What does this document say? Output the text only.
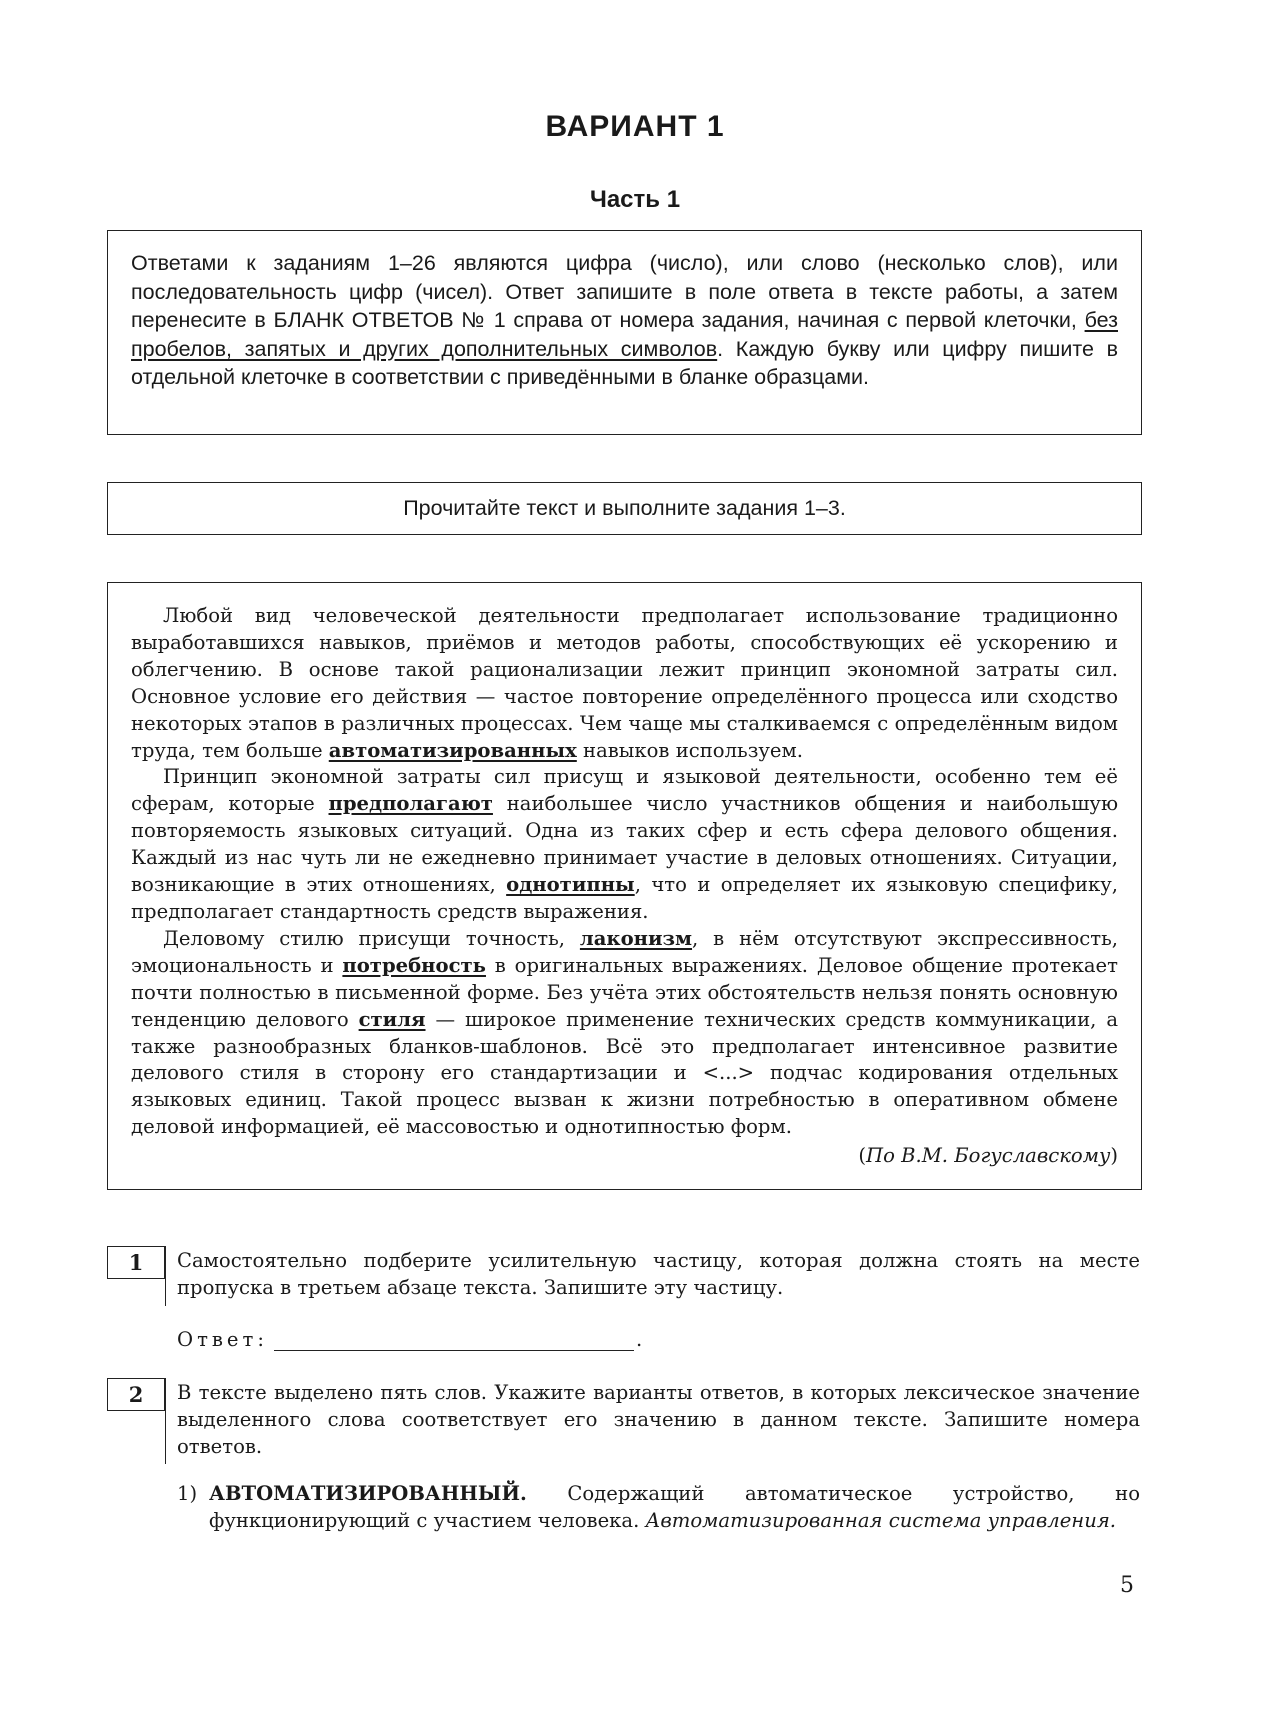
ВАРИАНТ 1
Часть 1

Ответами к заданиям 1–26 являются цифра (число), или слово (несколько слов), или последовательность цифр (чисел). Ответ запишите в поле ответа в тексте работы, а затем перенесите в БЛАНК ОТВЕТОВ № 1 справа от номера задания, начиная с первой клеточки, без пробелов, запятых и других дополнительных символов. Каждую букву или цифру пишите в отдельной клеточке в соответствии с приведёнными в бланке образцами.

Прочитайте текст и выполните задания 1–3.

Любой вид человеческой деятельности предполагает использование традиционно выработавшихся навыков, приёмов и методов работы, способствующих её ускорению и облегчению. В основе такой рационализации лежит принцип экономной затраты сил. Основное условие его действия — частое повторение определённого процесса или сходство некоторых этапов в различных процессах. Чем чаще мы сталкиваемся с определённым видом труда, тем больше автоматизированных навыков используем.

Принцип экономной затраты сил присущ и языковой деятельности, особенно тем её сферам, которые предполагают наибольшее число участников общения и наибольшую повторяемость языковых ситуаций. Одна из таких сфер и есть сфера делового общения. Каждый из нас чуть ли не ежедневно принимает участие в деловых отношениях. Ситуации, возникающие в этих отношениях, однотипны, что и определяет их языковую специфику, предполагает стандартность средств выражения.

Деловому стилю присущи точность, лаконизм, в нём отсутствуют экспрессивность, эмоциональность и потребность в оригинальных выражениях. Деловое общение протекает почти полностью в письменной форме. Без учёта этих обстоятельств нельзя понять основную тенденцию делового стиля — широкое применение технических средств коммуникации, а также разнообразных бланков-шаблонов. Всё это предполагает интенсивное развитие делового стиля в сторону его стандартизации и <...> подчас кодирования отдельных языковых единиц. Такой процесс вызван к жизни потребностью в оперативном обмене деловой информацией, её массовостью и однотипностью форм.

(По В.М. Богуславскому)
1	Самостоятельно подберите усилительную частицу, которая должна стоять на месте пропуска в третьем абзаце текста. Запишите эту частицу.
Ответ:	.
2	В тексте выделено пять слов. Укажите варианты ответов, в которых лексическое значение выделенного слова соответствует его значению в данном тексте. Запишите номера ответов.
1) АВТОМАТИЗИРОВАННЫЙ. Содержащий автоматическое устройство, но функционирующий с участием человека. Автоматизированная система управления.
5
